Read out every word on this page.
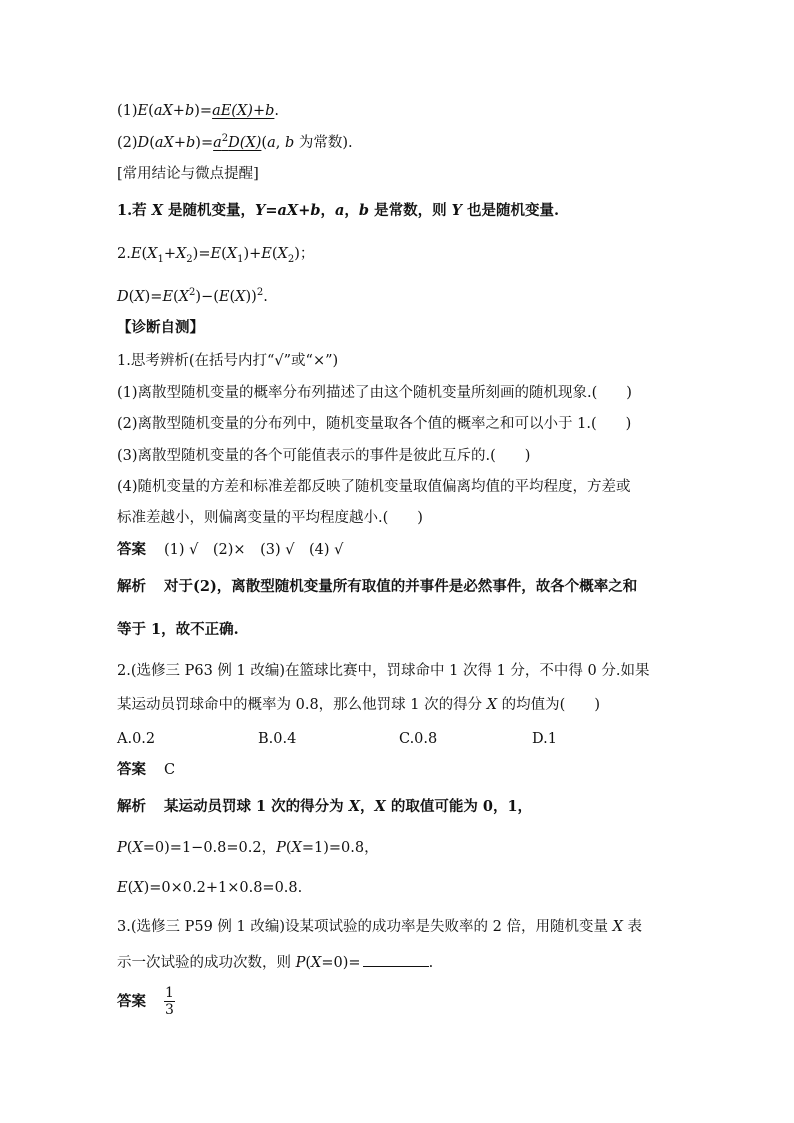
(1)E(aX+b)=aE(X)+b.
$(2)D(aX+b)=a^2D(X)(a$, b 为常数).
[常用结论与微点提醒]
1.若 X 是随机变量，Y=aX+b，a，b 是常数，则 Y 也是随机变量.
$2.E(X_1+X_2)=E(X_1)+E(X_2)$；
$D(X)=E(X^2)-(E(X))^2$.
【诊断自测】
1.思考辨析(在括号内打“√”或“×”)
(1)离散型随机变量的概率分布列描述了由这个随机变量所刻画的随机现象.(　　)
(2)离散型随机变量的分布列中，随机变量取各个值的概率之和可以小于 1.(　　)
(3)离散型随机变量的各个可能值表示的事件是彼此互斥的.(　　)
(4)随机变量的方差和标准差都反映了随机变量取值偏离均值的平均程度，方差或
标准差越小，则偏离变量的平均程度越小.(　　)
答案 (1) √　(2)×　(3) √　(4) √
解析 对于(2)，离散型随机变量所有取值的并事件是必然事件，故各个概率之和
等于 1，故不正确.
2.(选修三 P63 例 1 改编)在篮球比赛中，罚球命中 1 次得 1 分，不中得 0 分.如果
某运动员罚球命中的概率为 0.8，那么他罚球 1 次的得分 X 的均值为(　　)
A.0.2	B.0.4	C.0.8	D.1
答案 C
解析 某运动员罚球 1 次的得分为 X，X 的取值可能为 0，1，
P(X=0)=1−0.8=0.2，P(X=1)=0.8，
E(X)=0×0.2+1×0.8=0.8.
3.(选修三 P59 例 1 改编)设某项试验的成功率是失败率的 2 倍，用随机变量 X 表
示一次试验的成功次数，则 P(X=0)=	.
答案 $\frac{1}{3}$
